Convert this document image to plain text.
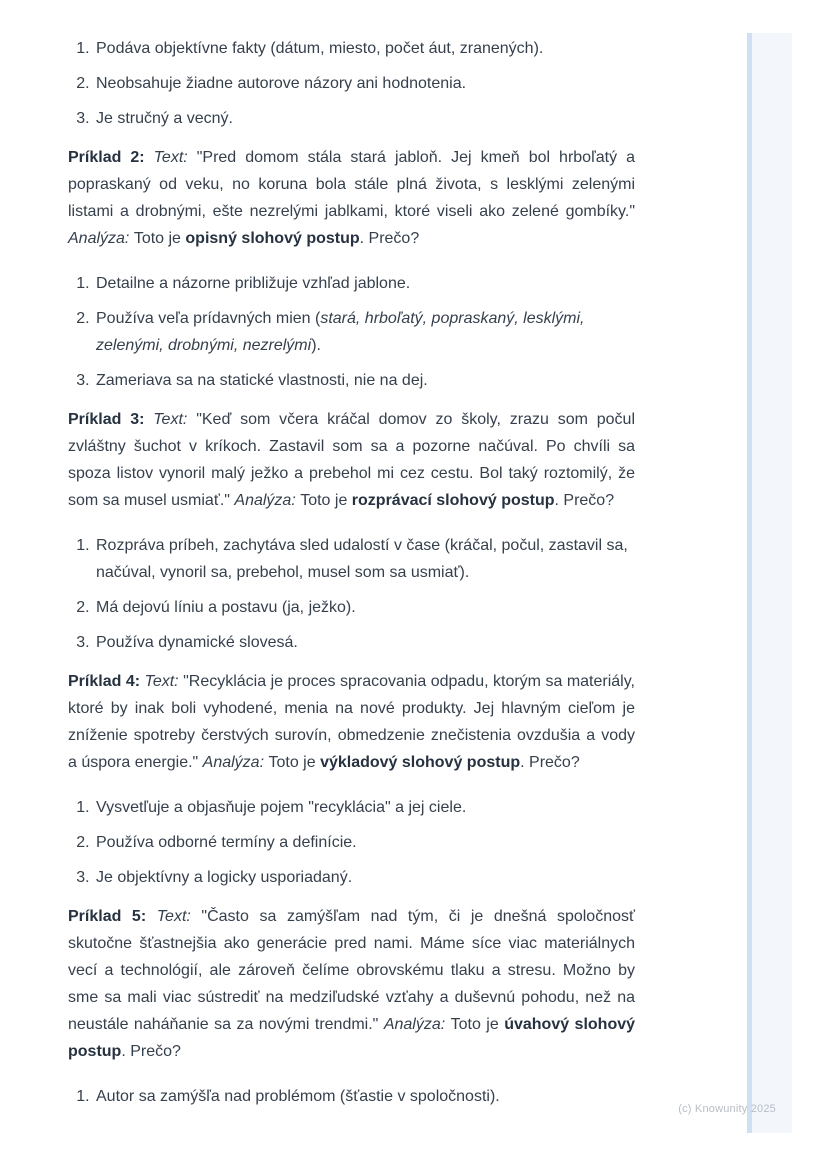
1. Podáva objektívne fakty (dátum, miesto, počet áut, zranených).
2. Neobsahuje žiadne autorove názory ani hodnotenia.
3. Je stručný a vecný.

Príklad 2: Text: "Pred domom stála stará jabloň. Jej kmeň bol hrboľatý a popraskaný od veku, no koruna bola stále plná života, s lesklými zelenými listami a drobnými, ešte nezrelými jablkami, ktoré viseli ako zelené gombíky." Analýza: Toto je opisný slohový postup. Prečo?

1. Detailne a názorne približuje vzhľad jablone.
2. Používa veľa prídavných mien (stará, hrboľatý, popraskaný, lesklými, zelenými, drobnými, nezrelými).
3. Zameriava sa na statické vlastnosti, nie na dej.

Príklad 3: Text: "Keď som včera kráčal domov zo školy, zrazu som počul zvláštny šuchot v kríkoch. Zastavil som sa a pozorne načúval. Po chvíli sa spoza listov vynoril malý ježko a prebehol mi cez cestu. Bol taký roztomilý, že som sa musel usmiať." Analýza: Toto je rozprávací slohový postup. Prečo?

1. Rozpráva príbeh, zachytáva sled udalostí v čase (kráčal, počul, zastavil sa, načúval, vynoril sa, prebehol, musel som sa usmiať).
2. Má dejovú líniu a postavu (ja, ježko).
3. Používa dynamické slovesá.

Príklad 4: Text: "Recyklácia je proces spracovania odpadu, ktorým sa materiály, ktoré by inak boli vyhodené, menia na nové produkty. Jej hlavným cieľom je zníženie spotreby čerstvých surovín, obmedzenie znečistenia ovzdušia a vody a úspora energie." Analýza: Toto je výkladový slohový postup. Prečo?

1. Vysvetľuje a objasňuje pojem "recyklácia" a jej ciele.
2. Používa odborné termíny a definície.
3. Je objektívny a logicky usporiadaný.

Príklad 5: Text: "Často sa zamýšľam nad tým, či je dnešná spoločnosť skutočne šťastnejšia ako generácie pred nami. Máme síce viac materiálnych vecí a technológií, ale zároveň čelíme obrovskému tlaku a stresu. Možno by sme sa mali viac sústrediť na medziľudské vzťahy a duševnú pohodu, než na neustále naháňanie sa za novými trendmi." Analýza: Toto je úvahový slohový postup. Prečo?

1. Autor sa zamýšľa nad problémom (šťastie v spoločnosti).
(c) Knowunity 2025
